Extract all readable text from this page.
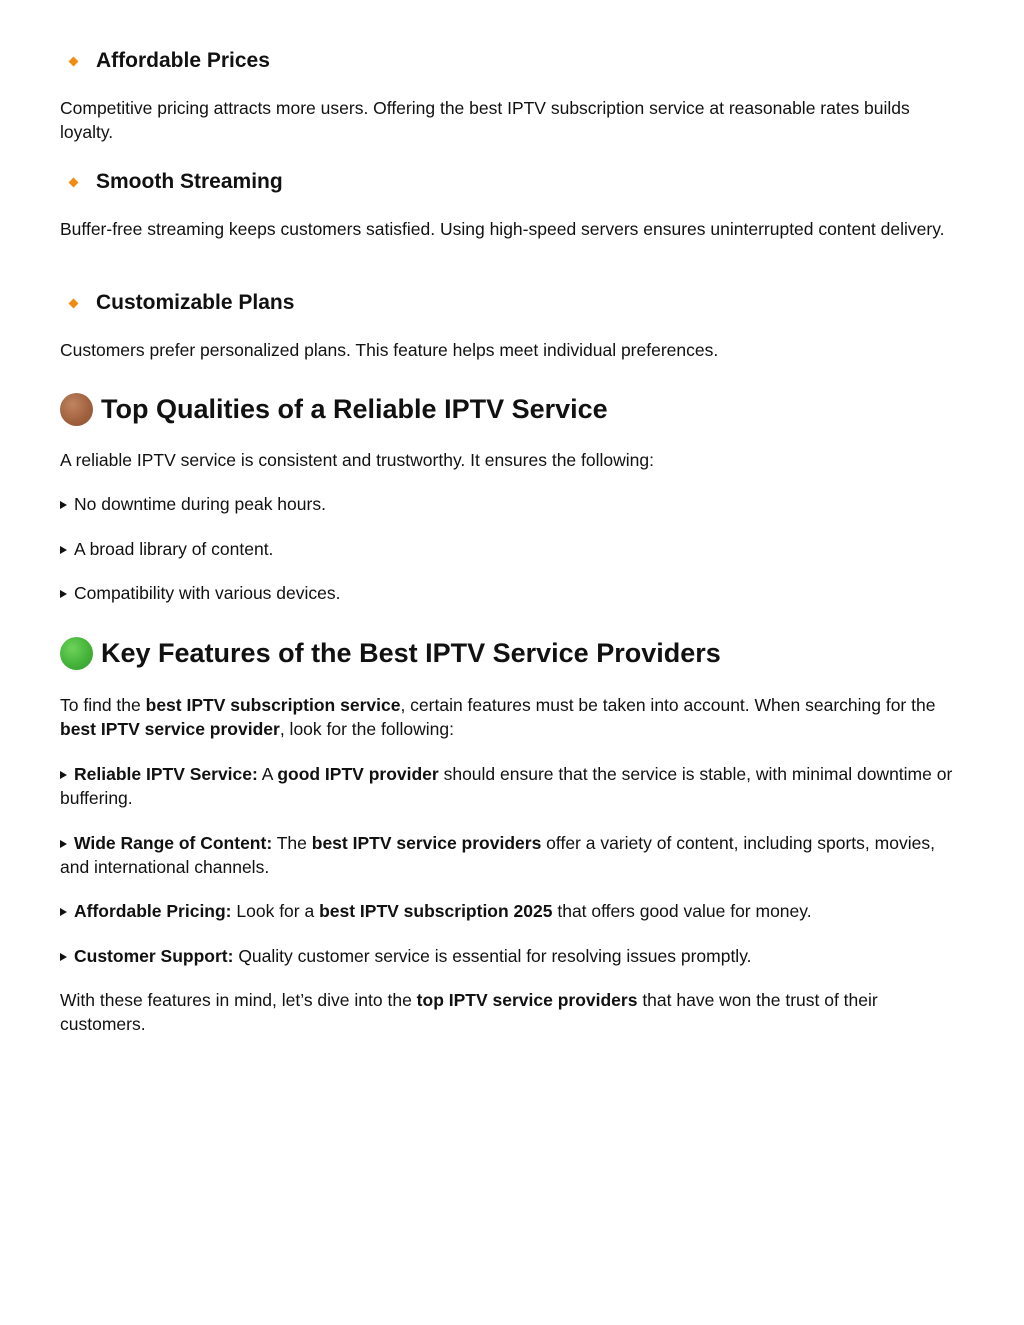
Affordable Prices

Competitive pricing attracts more users. Offering the best IPTV subscription service at reasonable rates builds loyalty.

Smooth Streaming

Buffer-free streaming keeps customers satisfied. Using high-speed servers ensures uninterrupted content delivery.

Customizable Plans

Customers prefer personalized plans. This feature helps meet individual preferences.

Top Qualities of a Reliable IPTV Service

A reliable IPTV service is consistent and trustworthy. It ensures the following:

No downtime during peak hours.

A broad library of content.

Compatibility with various devices.

Key Features of the Best IPTV Service Providers

To find the best IPTV subscription service, certain features must be taken into account. When searching for the best IPTV service provider, look for the following:

Reliable IPTV Service: A good IPTV provider should ensure that the service is stable, with minimal downtime or buffering.

Wide Range of Content: The best IPTV service providers offer a variety of content, including sports, movies, and international channels.

Affordable Pricing: Look for a best IPTV subscription 2025 that offers good value for money.

Customer Support: Quality customer service is essential for resolving issues promptly.

With these features in mind, let’s dive into the top IPTV service providers that have won the trust of their customers.
